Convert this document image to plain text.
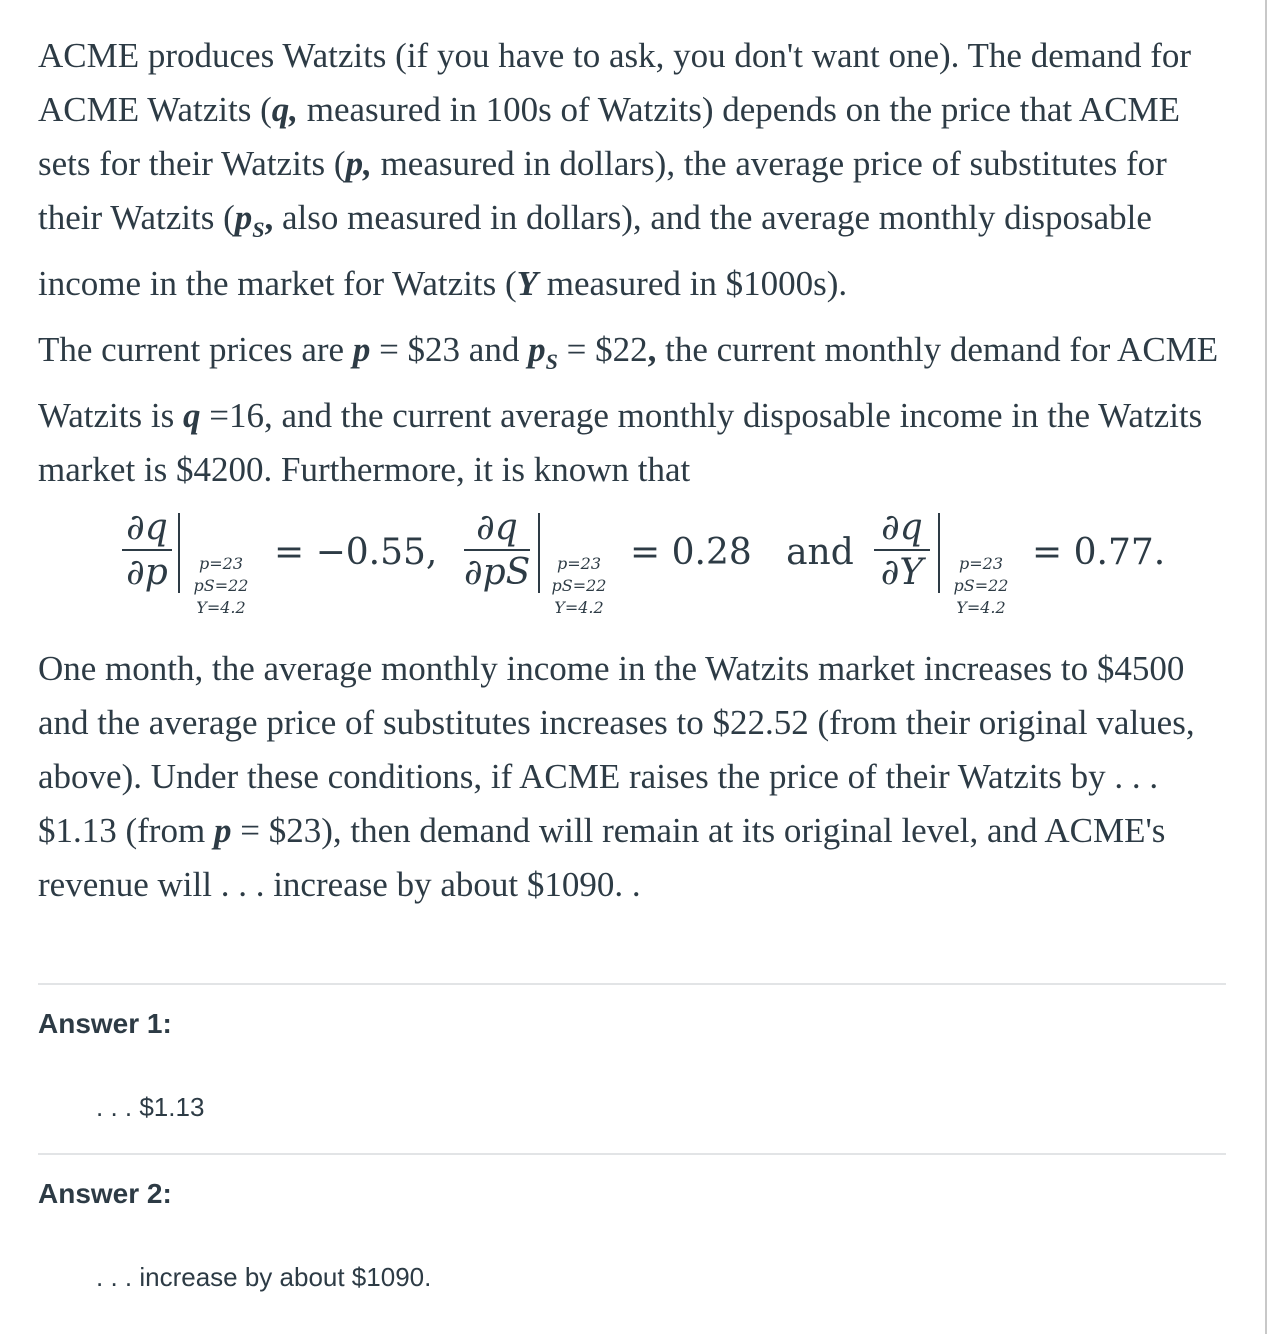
ACME produces Watzits (if you have to ask, you don't want one). The demand for ACME Watzits (q, measured in 100s of Watzits) depends on the price that ACME sets for their Watzits (p, measured in dollars), the average price of substitutes for their Watzits ($p_S$, also measured in dollars), and the average monthly disposable income in the market for Watzits (Y measured in $1000s).
The current prices are p = $23 and $p_S$ = $22, the current monthly demand for ACME Watzits is q =16, and the current average monthly disposable income in the Watzits market is $4200. Furthermore, it is known that
∂q
∂p	p=23
pS=22
Y=4.2
= −0.55,
∂q
∂pS	p=23
pS=22
Y=4.2
= 0.28   and
∂q
∂Y	p=23
pS=22
Y=4.2
= 0.77.
One month, the average monthly income in the Watzits market increases to $4500 and the average price of substitutes increases to $22.52 (from their original values, above). Under these conditions, if ACME raises the price of their Watzits by . . . $1.13 (from p = $23), then demand will remain at its original level, and ACME's revenue will . . . increase by about $1090. .
Answer 1:
. . . $1.13
Answer 2:
. . . increase by about $1090.
